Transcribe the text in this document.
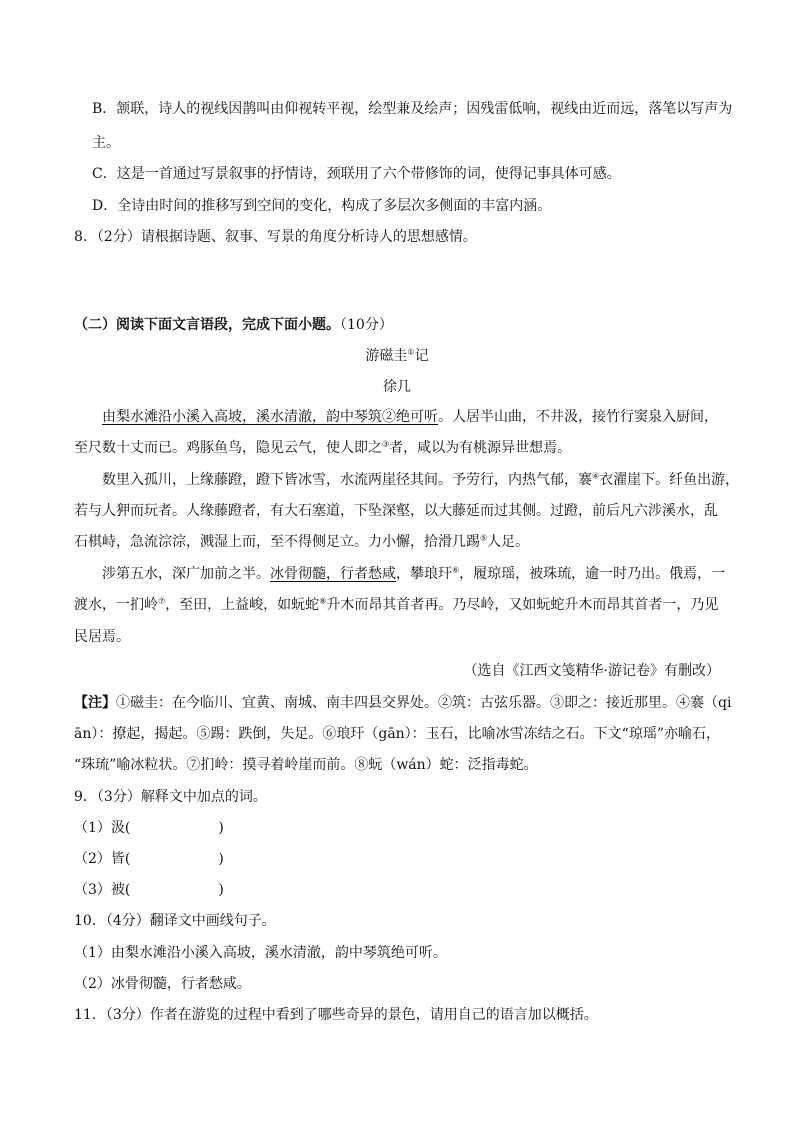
B．颔联，诗人的视线因鹊叫由仰视转平视，绘型兼及绘声；因残雷低响，视线由近而远，落笔以写声为
主。
C．这是一首通过写景叙事的抒情诗，颈联用了六个带修饰的词，使得记事具体可感。
D．全诗由时间的推移写到空间的变化，构成了多层次多侧面的丰富内涵。
8．（2分）请根据诗题、叙事、写景的角度分析诗人的思想感情。
（二）阅读下面文言语段，完成下面小题。（10分）
游磁圭①记
徐几
由梨水滩沿小溪入高坡，溪水清澈，韵中琴筑②绝可听。人居半山曲，不井汲，接竹行窦泉入厨间，
至尺数十丈而已。鸡豚鱼鸟，隐见云气，使人即之③者，咸以为有桃源异世想焉。
数里入孤川，上缘藤蹬，蹬下皆冰雪，水流两崖径其间。予劳行，内热气郁，褰④衣濯崖下。纤鱼出游，
若与人狎而玩者。人缘藤蹬者，有大石塞道，下坠深壑，以大藤延而过其侧。过蹬，前后凡六涉溪水，乱
石棋峙，急流淙淙，溅湿上而，至不得侧足立。力小懈，拾滑几踢⑤人足。
涉第五水，深广加前之半。冰骨彻髓，行者愁咸，攀琅玕⑥，履琼瑶，被珠琉，逾一时乃出。俄焉，一
渡水，一扪岭⑦，至田，上益峻，如蚖蛇⑧升木而昂其首者再。乃尽岭，又如蚖蛇升木而昂其首者一，乃见
民居焉。
（选自《江西文笺精华·游记卷》有删改）
【注】①磁圭：在今临川、宜黄、南城、南丰四县交界处。②筑：古弦乐器。③即之：接近那里。④褰（qi
ān）：撩起，揭起。⑤踢：跌倒，失足。⑥琅玕（gān）：玉石，比喻冰雪冻结之石。下文“琼瑶”亦喻石，
“珠琉”喻冰粒状。⑦扪岭：摸寻着岭崖而前。⑧蚖（wán）蛇：泛指毒蛇。
9．（3分）解释文中加点的词。
（1）汲(	)
（2）皆(	)
（3）被(	)
10．（4分）翻译文中画线句子。
（1）由梨水滩沿小溪入高坡，溪水清澈，韵中琴筑绝可听。
（2）冰骨彻髓，行者愁咸。
11．（3分）作者在游览的过程中看到了哪些奇异的景色，请用自己的语言加以概括。
